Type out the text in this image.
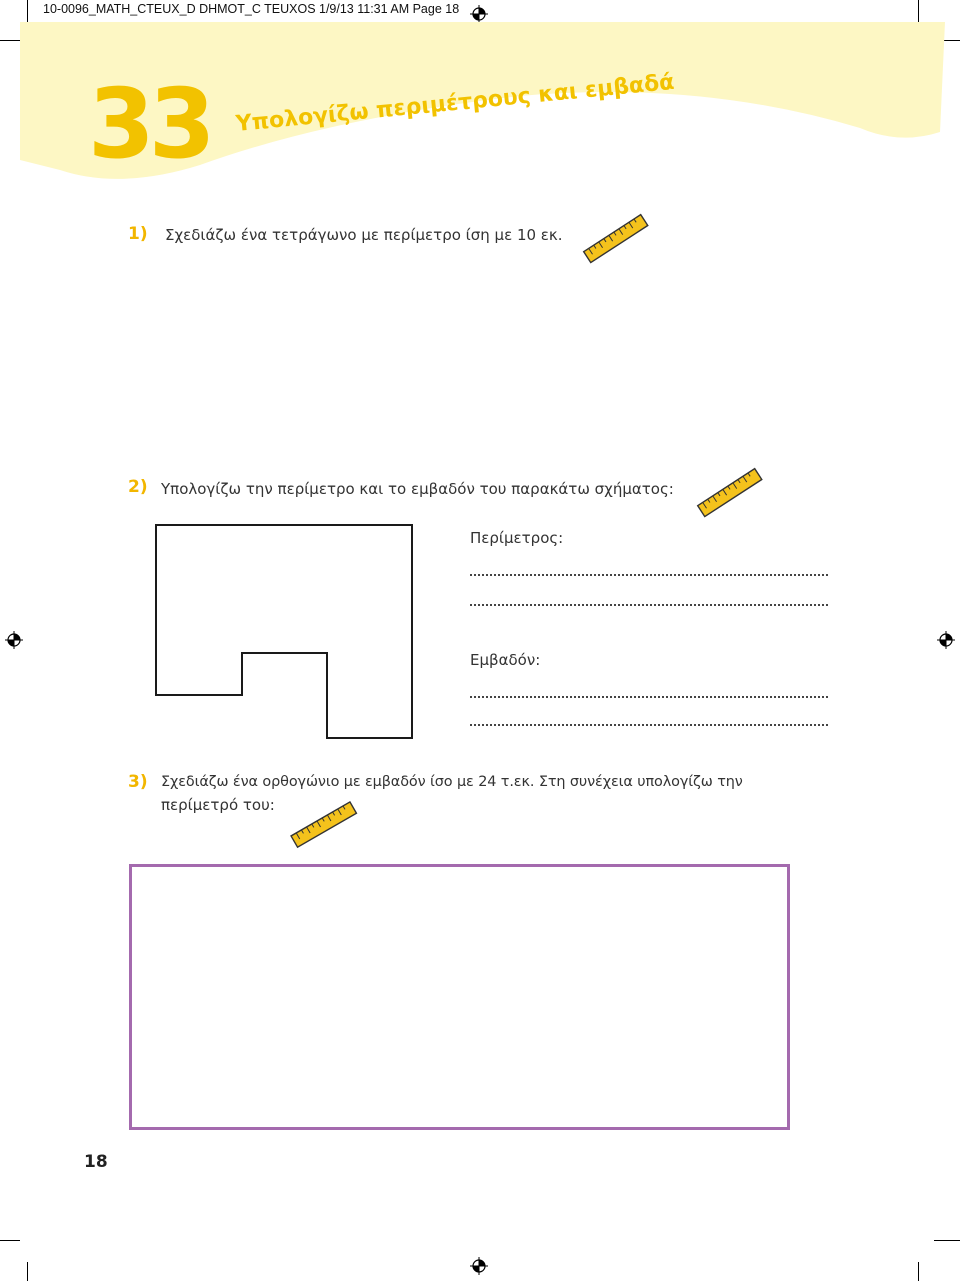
10-0096_MATH_CTEUX_D DHMOT_C TEUXOS 1/9/13 11:31 AM Page 18
33 Υπολογίζω περιμέτρους και εμβαδά
1) Σχεδιάζω ένα τετράγωνο με περίμετρο ίση με 10 εκ.
2) Υπολογίζω την περίμετρο και το εμβαδόν του παρακάτω σχήματος:
Περίμετρος:
Εμβαδόν:
3) Σχεδιάζω ένα ορθογώνιο με εμβαδόν ίσο με 24 τ.εκ. Στη συνέχεια υπολογίζω την
περίμετρό του:
18
